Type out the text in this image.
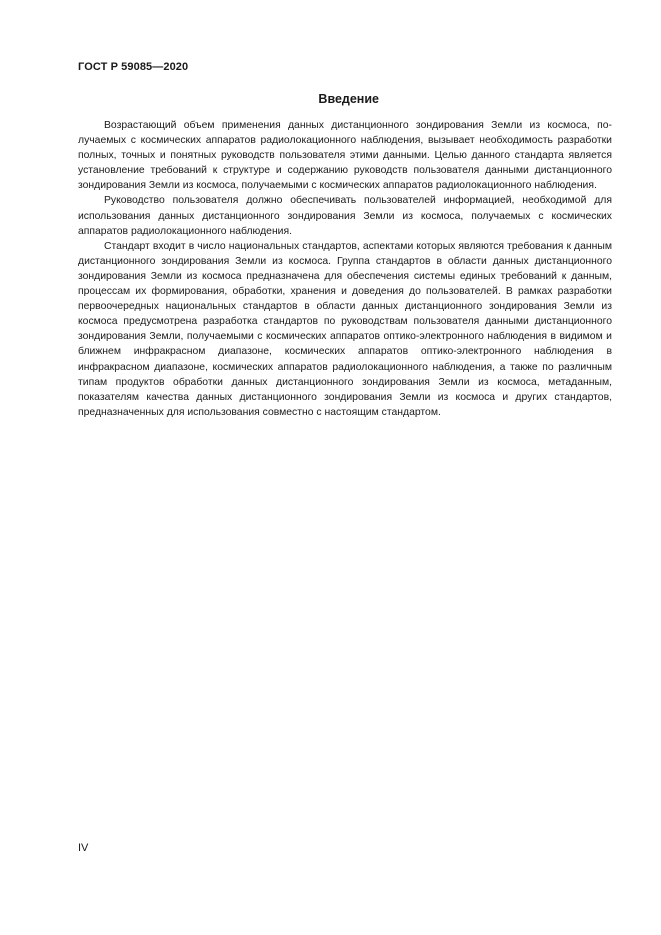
ГОСТ Р 59085—2020
Введение

Возрастающий объем применения данных дистанционного зондирования Земли из космоса, получаемых с космических аппаратов радиолокационного наблюдения, вызывает необходимость разработки полных, точных и понятных руководств пользователя этими данными. Целью данного стандарта является установление требований к структуре и содержанию руководств пользователя данными дистанционного зондирования Земли из космоса, получаемыми с космических аппаратов радиолокационного наблюдения.

Руководство пользователя должно обеспечивать пользователей информацией, необходимой для использования данных дистанционного зондирования Земли из космоса, получаемых с космических аппаратов радиолокационного наблюдения.

Стандарт входит в число национальных стандартов, аспектами которых являются требования к данным дистанционного зондирования Земли из космоса. Группа стандартов в области данных дистанционного зондирования Земли из космоса предназначена для обеспечения системы единых требований к данным, процессам их формирования, обработки, хранения и доведения до пользователей. В рамках разработки первоочередных национальных стандартов в области данных дистанционного зондирования Земли из космоса предусмотрена разработка стандартов по руководствам пользователя данными дистанционного зондирования Земли, получаемыми с космических аппаратов оптико-электронного наблюдения в видимом и ближнем инфракрасном диапазоне, космических аппаратов оптико-электронного наблюдения в инфракрасном диапазоне, космических аппаратов радиолокационного наблюдения, а также по различным типам продуктов обработки данных дистанционного зондирования Земли из космоса, метаданным, показателям качества данных дистанционного зондирования Земли из космоса и других стандартов, предназначенных для использования совместно с настоящим стандартом.

IV
